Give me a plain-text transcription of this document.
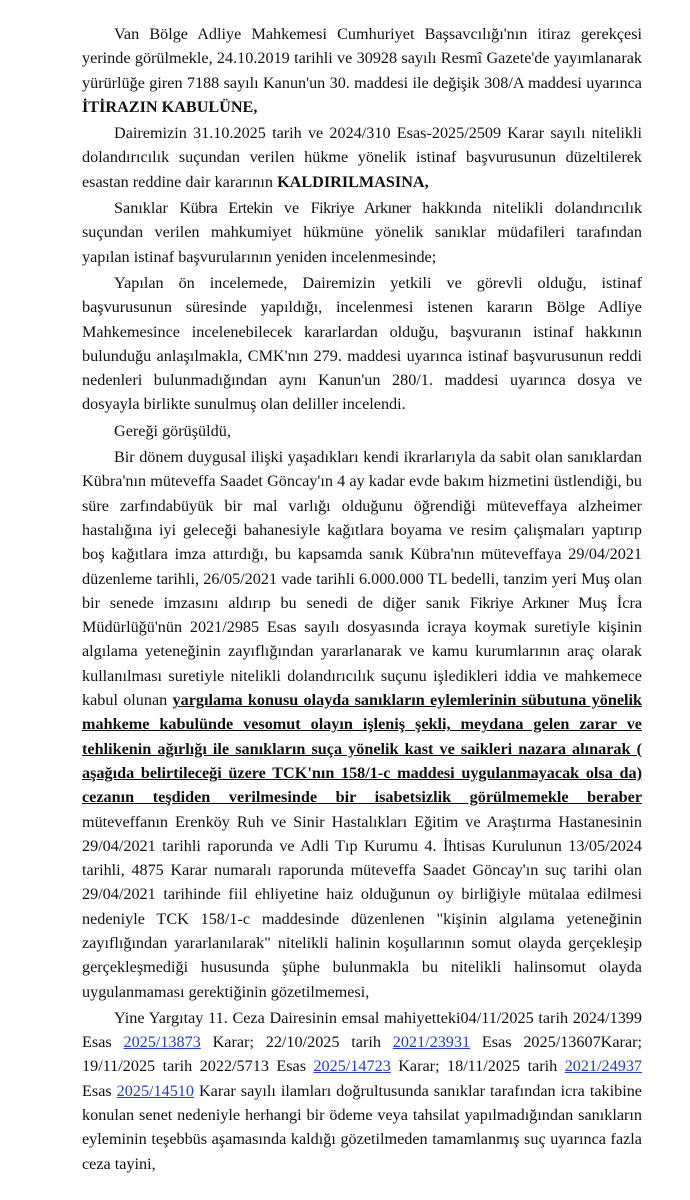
Van Bölge Adliye Mahkemesi Cumhuriyet Başsavcılığı'nın itiraz gerekçesi yerinde görülmekle, 24.10.2019 tarihli ve 30928 sayılı Resmî Gazete'de yayımlanarak yürürlüğe giren 7188 sayılı Kanun'un 30. maddesi ile değişik 308/A maddesi uyarınca İTİRAZIN KABULÜNE,

Dairemizin 31.10.2025 tarih ve 2024/310 Esas-2025/2509 Karar sayılı nitelikli dolandırıcılık suçundan verilen hükme yönelik istinaf başvurusunun düzeltilerek esastan reddine dair kararının KALDIRILMASINA,

Sanıklar Kübra Ertekin ve Fikriye Arkıner hakkında nitelikli dolandırıcılık suçundan verilen mahkumiyet hükmüne yönelik sanıklar müdafileri tarafından yapılan istinaf başvurularının yeniden incelenmesinde;

Yapılan ön incelemede, Dairemizin yetkili ve görevli olduğu, istinaf başvurusunun süresinde yapıldığı, incelenmesi istenen kararın Bölge Adliye Mahkemesince incelenebilecek kararlardan olduğu, başvuranın istinaf hakkının bulunduğu anlaşılmakla, CMK'nın 279. maddesi uyarınca istinaf başvurusunun reddi nedenleri bulunmadığından aynı Kanun'un 280/1. maddesi uyarınca dosya ve dosyayla birlikte sunulmuş olan deliller incelendi.

Gereği görüşüldü,

Bir dönem duygusal ilişki yaşadıkları kendi ikrarlarıyla da sabit olan sanıklardan Kübra'nın müteveffa Saadet Göncay'ın 4 ay kadar evde bakım hizmetini üstlendiği, bu süre zarfındabüyük bir mal varlığı olduğunu öğrendiği müteveffaya alzheimer hastalığına iyi geleceği bahanesiyle kağıtlara boyama ve resim çalışmaları yaptırıp boş kağıtlara imza attırdığı, bu kapsamda sanık Kübra'nın müteveffaya 29/04/2021 düzenleme tarihli, 26/05/2021 vade tarihli 6.000.000 TL bedelli, tanzim yeri Muş olan bir senede imzasını aldırıp bu senedi de diğer sanık Fikriye Arkıner Muş İcra Müdürlüğü'nün 2021/2985 Esas sayılı dosyasında icraya koymak suretiyle kişinin algılama yeteneğinin zayıflığından yararlanarak ve kamu kurumlarının araç olarak kullanılması suretiyle nitelikli dolandırıcılık suçunu işledikleri iddia ve mahkemece kabul olunan yargılama konusu olayda sanıkların eylemlerinin sübutuna yönelik mahkeme kabulünde vesomut olayın işleniş şekli, meydana gelen zarar ve tehlikenin ağırlığı ile sanıkların suça yönelik kast ve saikleri nazara alınarak ( aşağıda belirtileceği üzere TCK'nın 158/1-c maddesi uygulanmayacak olsa da) cezanın teşdiden verilmesinde bir isabetsizlik görülmemekle beraber müteveffanın Erenköy Ruh ve Sinir Hastalıkları Eğitim ve Araştırma Hastanesinin 29/04/2021 tarihli raporunda ve Adli Tıp Kurumu 4. İhtisas Kurulunun 13/05/2024 tarihli, 4875 Karar numaralı raporunda müteveffa Saadet Göncay'ın suç tarihi olan 29/04/2021 tarihinde fiil ehliyetine haiz olduğunun oy birliğiyle mütalaa edilmesi nedeniyle TCK 158/1-c maddesinde düzenlenen "kişinin algılama yeteneğinin zayıflığından yararlanılarak" nitelikli halinin koşullarının somut olayda gerçekleşip gerçekleşmediği hususunda şüphe bulunmakla bu nitelikli halinsomut olayda uygulanmaması gerektiğinin gözetilmemesi,

Yine Yargıtay 11. Ceza Dairesinin emsal mahiyetteki04/11/2025 tarih 2024/1399 Esas 2025/13873 Karar; 22/10/2025 tarih 2021/23931 Esas 2025/13607Karar; 19/11/2025 tarih 2022/5713 Esas 2025/14723 Karar; 18/11/2025 tarih 2021/24937 Esas 2025/14510 Karar sayılı ilamları doğrultusunda sanıklar tarafından icra takibine konulan senet nedeniyle herhangi bir ödeme veya tahsilat yapılmadığından sanıkların eyleminin teşebbüs aşamasında kaldığı gözetilmeden tamamlanmış suç uyarınca fazla ceza tayini,
